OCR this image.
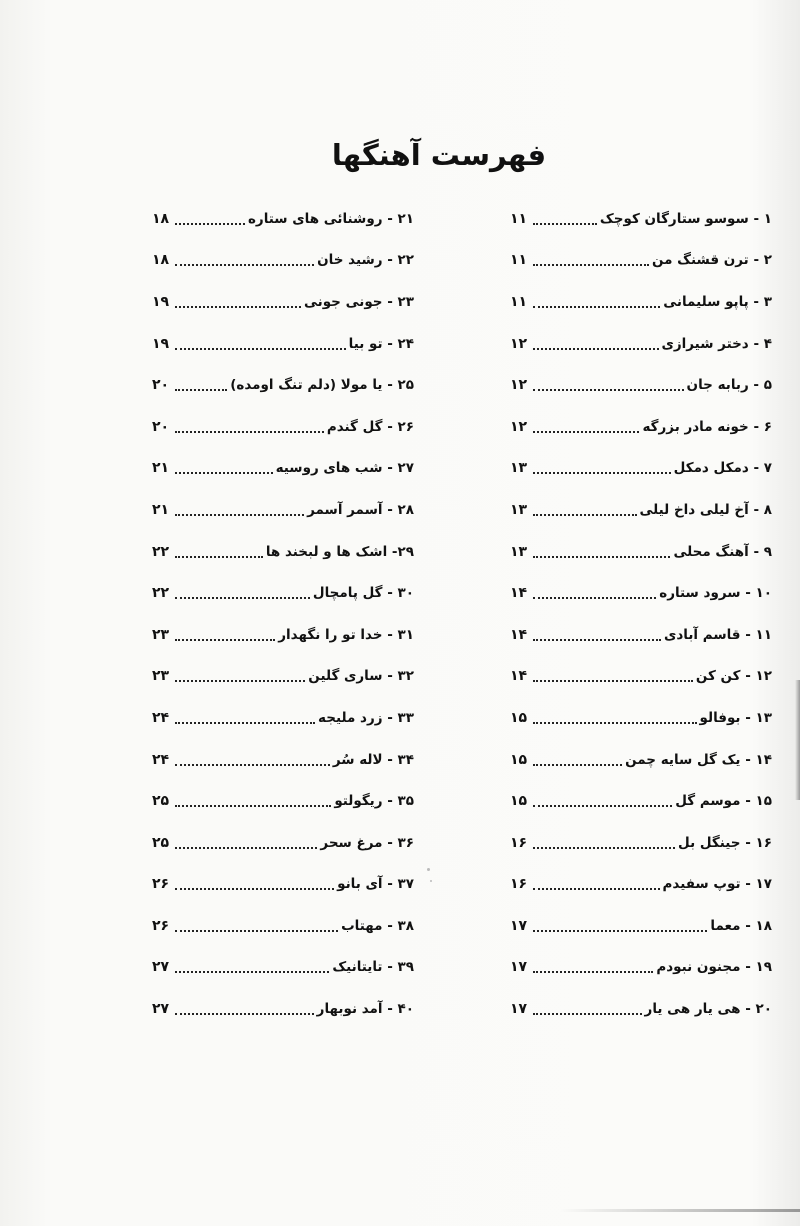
فهرست آهنگها
۱ - سوسو ستارگان کوچک
۱۱
۲ - ترن قشنگ من
۱۱
۳ - پاپو سلیمانی
۱۱
۴ - دختر شیرازی
۱۲
۵ - ربابه جان
۱۲
۶ - خونه مادر بزرگه
۱۲
۷ - دمکل دمکل
۱۳
۸ - آخ لیلی داخ لیلی
۱۳
۹ - آهنگ محلی
۱۳
۱۰ - سرود ستاره
۱۴
۱۱ - قاسم آبادی
۱۴
۱۲ - کن کن
۱۴
۱۳ - بوفالو
۱۵
۱۴ - یک گل سایه چمن
۱۵
۱۵ - موسم گل
۱۵
۱۶ - جینگل بل
۱۶
۱۷ - توپ سفیدم
۱۶
۱۸ - معما
۱۷
۱۹ - مجنون نبودم
۱۷
۲۰ - هی یار هی یار
۱۷
۲۱ - روشنائی های ستاره
۱۸
۲۲ - رشید خان
۱۸
۲۳ - جونی جونی
۱۹
۲۴ - تو بیا
۱۹
۲۵ - یا مولا (دلم تنگ اومده)
۲۰
۲۶ - گل گندم
۲۰
۲۷ - شب های روسیه
۲۱
۲۸ - آسمر آسمر
۲۱
۲۹- اشک ها و لبخند ها
۲۲
۳۰ - گل پامچال
۲۲
۳۱ - خدا تو را نگهدار
۲۳
۳۲ - ساری گلین
۲۳
۳۳ - زرد ملیجه
۲۴
۳۴ - لاله سُر
۲۴
۳۵ - ریگولتو
۲۵
۳۶ - مرغ سحر
۲۵
۳۷ - آی بانو
۲۶
۳۸ - مهتاب
۲۶
۳۹ - تایتانیک
۲۷
۴۰ - آمد نوبهار
۲۷
